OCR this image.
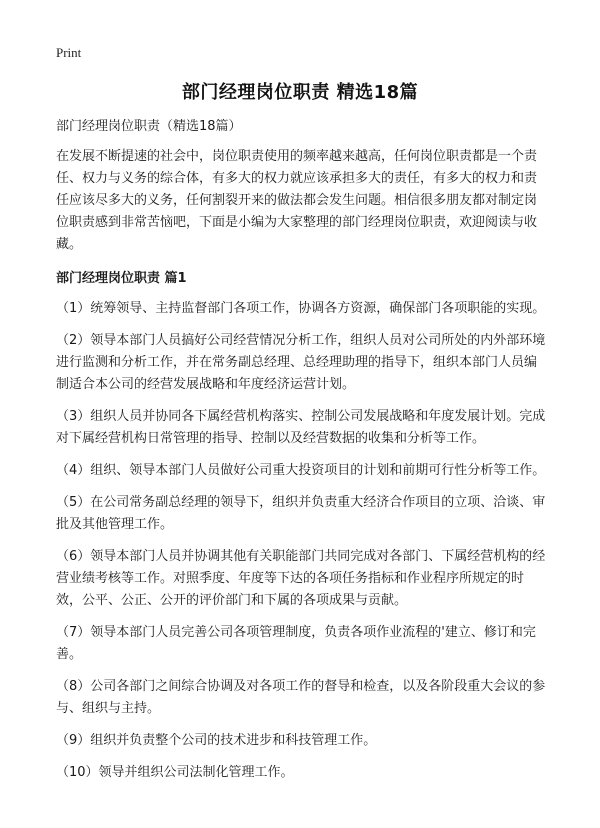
Print
部门经理岗位职责 精选18篇

部门经理岗位职责（精选18篇）

在发展不断提速的社会中，岗位职责使用的频率越来越高，任何岗位职责都是一个责任、权力与义务的综合体，有多大的权力就应该承担多大的责任，有多大的权力和责任应该尽多大的义务，任何割裂开来的做法都会发生问题。相信很多朋友都对制定岗位职责感到非常苦恼吧，下面是小编为大家整理的部门经理岗位职责，欢迎阅读与收藏。

部门经理岗位职责 篇1

（1）统筹领导、主持监督部门各项工作，协调各方资源，确保部门各项职能的实现。

（2）领导本部门人员搞好公司经营情况分析工作，组织人员对公司所处的内外部环境进行监测和分析工作，并在常务副总经理、总经理助理的指导下，组织本部门人员编制适合本公司的经营发展战略和年度经济运营计划。

（3）组织人员并协同各下属经营机构落实、控制公司发展战略和年度发展计划。完成对下属经营机构日常管理的指导、控制以及经营数据的收集和分析等工作。

（4）组织、领导本部门人员做好公司重大投资项目的计划和前期可行性分析等工作。

（5）在公司常务副总经理的领导下，组织并负责重大经济合作项目的立项、洽谈、审批及其他管理工作。

（6）领导本部门人员并协调其他有关职能部门共同完成对各部门、下属经营机构的经营业绩考核等工作。对照季度、年度等下达的各项任务指标和作业程序所规定的时效，公平、公正、公开的评价部门和下属的各项成果与贡献。

（7）领导本部门人员完善公司各项管理制度，负责各项作业流程的'建立、修订和完善。

（8）公司各部门之间综合协调及对各项工作的督导和检查，以及各阶段重大会议的参与、组织与主持。

（9）组织并负责整个公司的技术进步和科技管理工作。

（10）领导并组织公司法制化管理工作。
